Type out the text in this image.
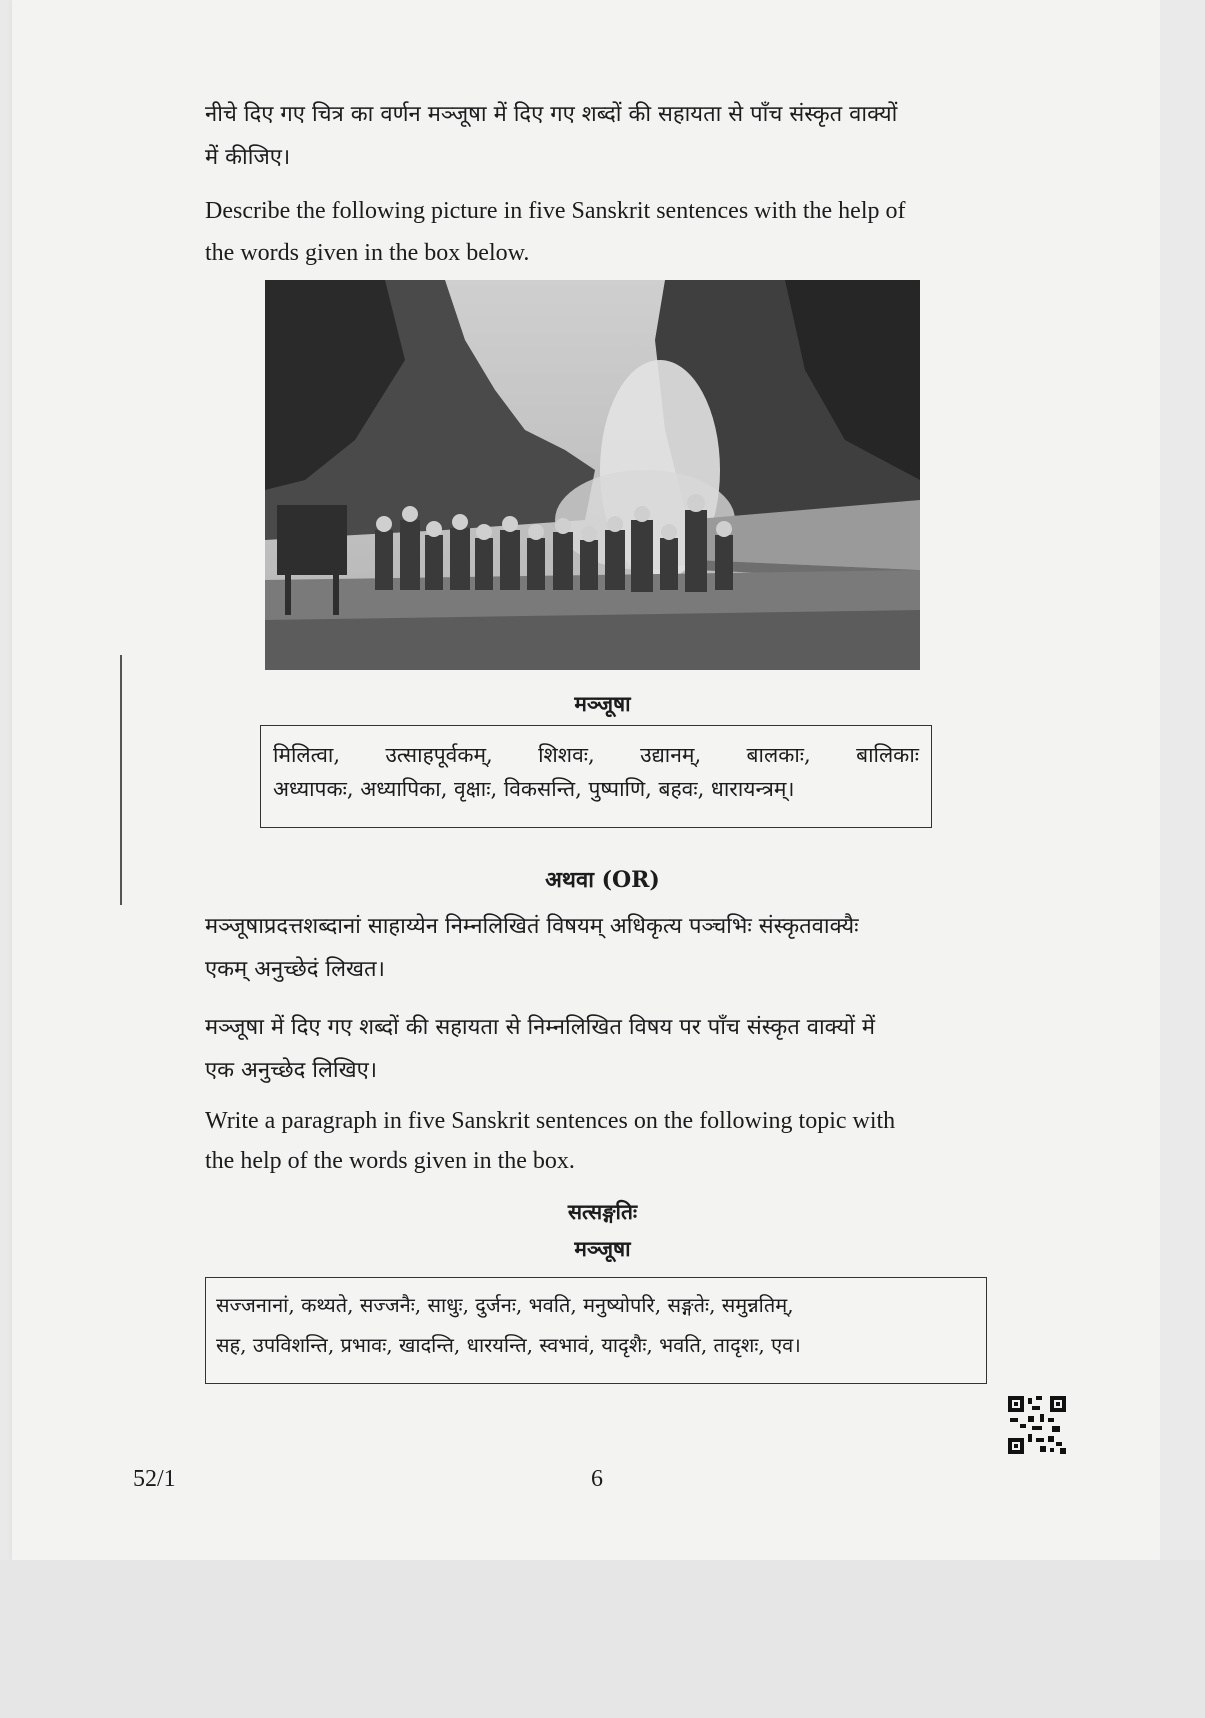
नीचे दिए गए चित्र का वर्णन मञ्जूषा में दिए गए शब्दों की सहायता से पाँच संस्कृत वाक्यों
में कीजिए।
Describe the following picture in five Sanskrit sentences with the help of
the words given in the box below.
मञ्जूषा
मिलित्वा, उत्साहपूर्वकम्, शिशवः, उद्यानम्, बालकाः, बालिकाः
अध्यापकः, अध्यापिका, वृक्षाः, विकसन्ति, पुष्पाणि, बहवः, धारायन्त्रम्।
अथवा (OR)
मञ्जूषाप्रदत्तशब्दानां साहाय्येन निम्नलिखितं विषयम् अधिकृत्य पञ्चभिः संस्कृतवाक्यैः
एकम् अनुच्छेदं लिखत।
मञ्जूषा में दिए गए शब्दों की सहायता से निम्नलिखित विषय पर पाँच संस्कृत वाक्यों में
एक अनुच्छेद लिखिए।
Write a paragraph in five Sanskrit sentences on the following topic with
the help of the words given in the box.
सत्सङ्गतिः
मञ्जूषा
सज्जनानां, कथ्यते, सज्जनैः, साधुः, दुर्जनः, भवति, मनुष्योपरि, सङ्गतेः, समुन्नतिम्,
सह, उपविशन्ति, प्रभावः, खादन्ति, धारयन्ति, स्वभावं, यादृशैः, भवति, तादृशः, एव।
52/1	6
